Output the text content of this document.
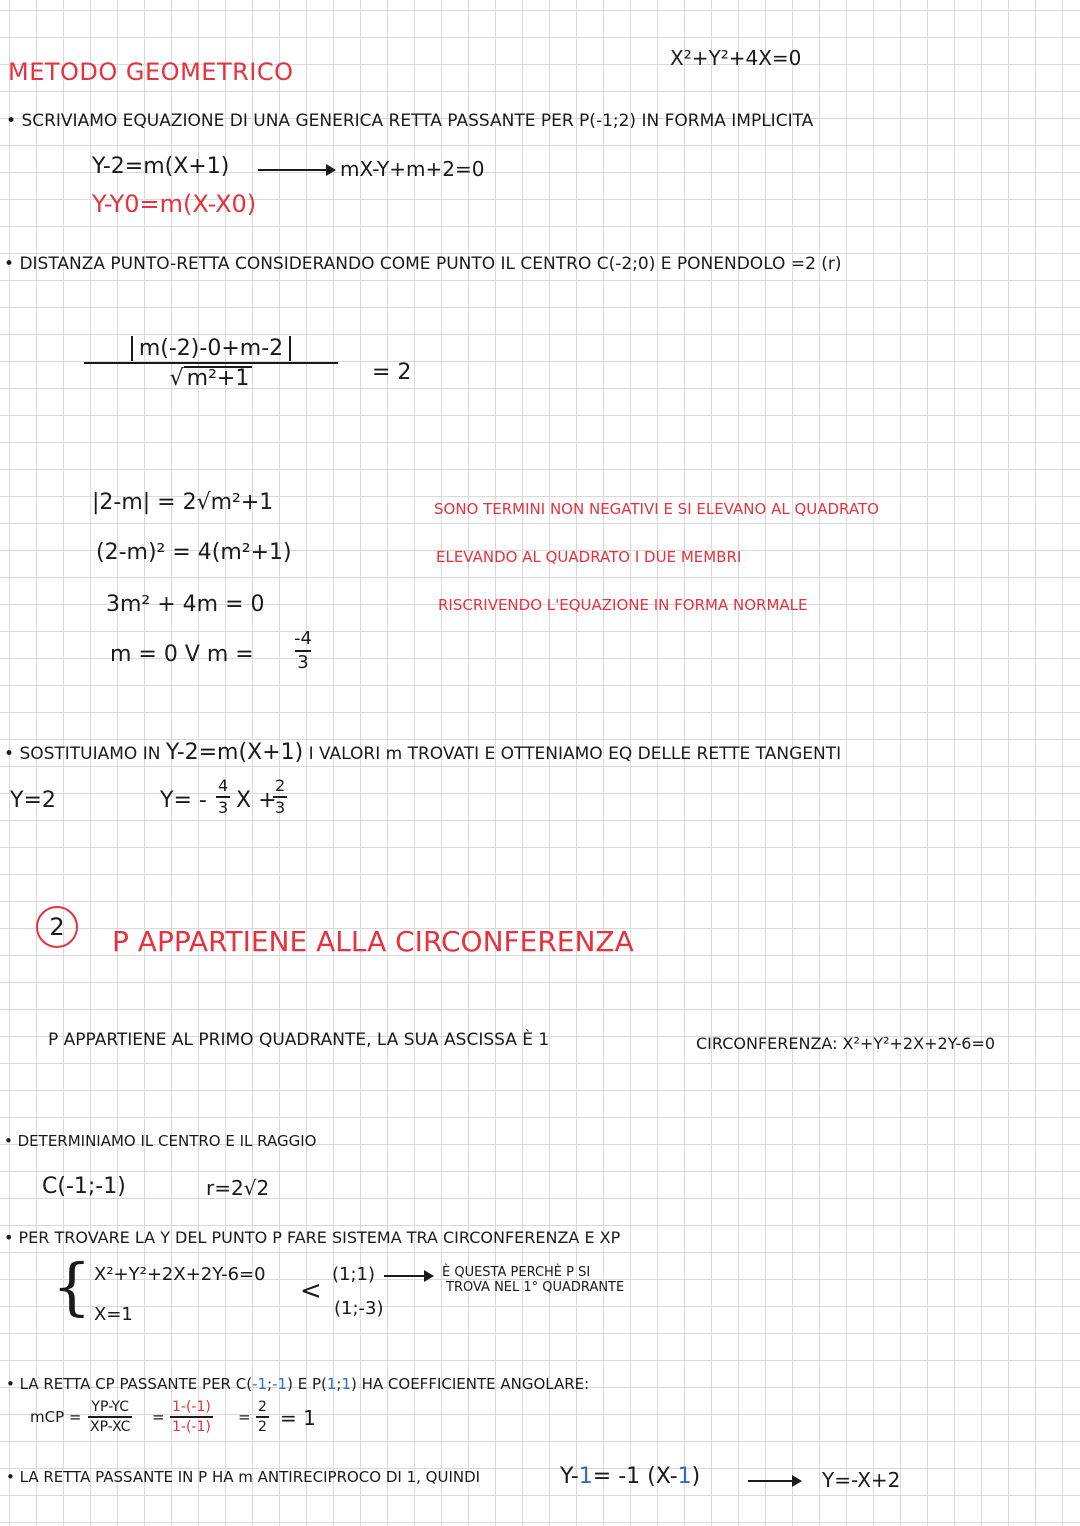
METODO GEOMETRICO	X²+Y²+4X=0
• SCRIVIAMO EQUAZIONE DI UNA GENERICA RETTA PASSANTE PER P(-1;2) IN FORMA IMPLICITA
Y-2=m(X+1)	mX-Y+m+2=0
Y-Y0=m(X-X0)
• DISTANZA PUNTO-RETTA CONSIDERANDO COME PUNTO IL CENTRO C(-2;0) E PONENDOLO =2 (r)
$\frac{m(-2)-0+m-2}{\text{√ m²+1}} = 2$
|2-m| = 2√m²+1	SONO TERMINI NON NEGATIVI E SI ELEVANO AL QUADRATO
(2-m)² = 4(m²+1)	ELEVANDO AL QUADRATO I DUE MEMBRI
3m² + 4m = 0	RISCRIVENDO L'EQUAZIONE IN FORMA NORMALE
m = 0 V $m = \frac{-4}{3}$
• SOSTITUIAMO IN Y-2=m(X+1) I VALORI m TROVATI E OTTENIAMO EQ DELLE RETTE TANGENTI
Y=2	$Y= - \frac{4}{3}$ X +
$\frac{2}{3}$
2	P APPARTIENE ALLA CIRCONFERENZA
P APPARTIENE AL PRIMO QUADRANTE, LA SUA ASCISSA È 1	CIRCONFERENZA: X²+Y²+2X+2Y-6=0
• DETERMINIAMO IL CENTRO E IL RAGGIO
C(-1;-1)	r=2√2
• PER TROVARE LA Y DEL PUNTO P FARE SISTEMA TRA CIRCONFERENZA E XP
{ X²+Y²+2X+2Y-6=0
X=1
<
(1;1)
(1;-3)
È QUESTA PERCHÈ P SI
TROVA NEL 1° QUADRANTE
• LA RETTA CP PASSANTE PER C(-1;-1) E P(1;1) HA COEFFICIENTE ANGOLARE:
mCP = $\frac{YP-YC}{XP-XC} = \frac{1-(-1)}{1-(-1)} = \frac{2}{2} = 1$
• LA RETTA PASSANTE IN P HA m ANTIRECIPROCO DI 1, QUINDI	Y-1= -1 (X-1)	Y=-X+2
